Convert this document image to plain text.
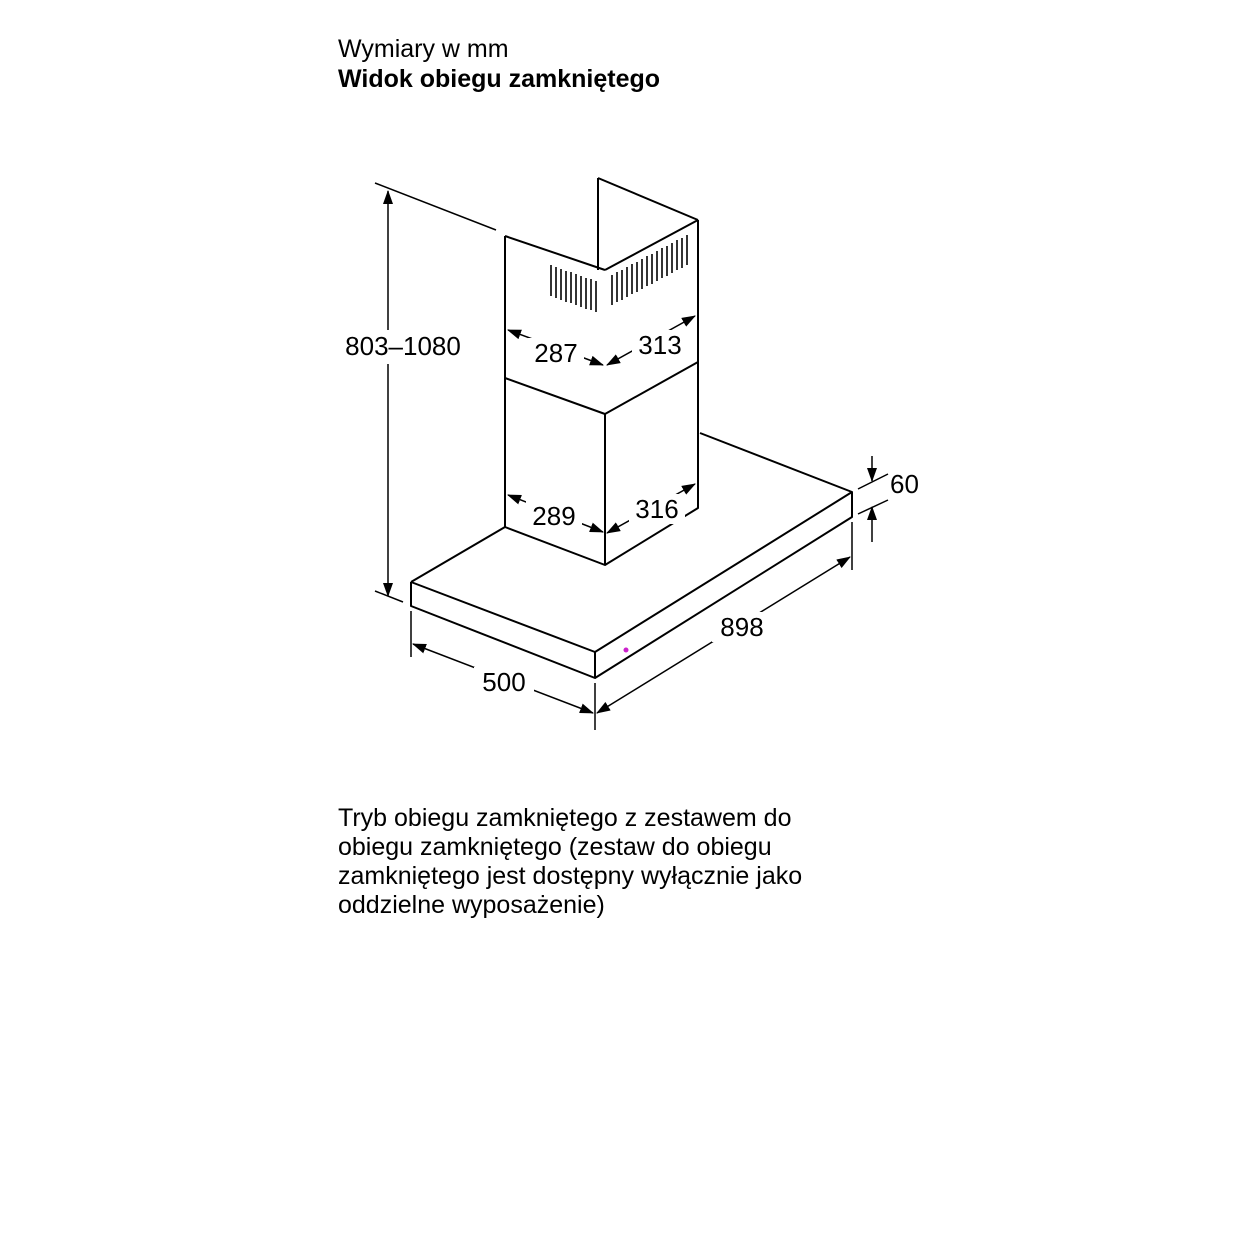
Wymiary w mm
Widok obiegu zamkniętego
803–1080	287 313
289 316
60
898
500
Tryb obiegu zamkniętego z zestawem do
obiegu zamkniętego (zestaw do obiegu
zamkniętego jest dostępny wyłącznie jako
oddzielne wyposażenie)
